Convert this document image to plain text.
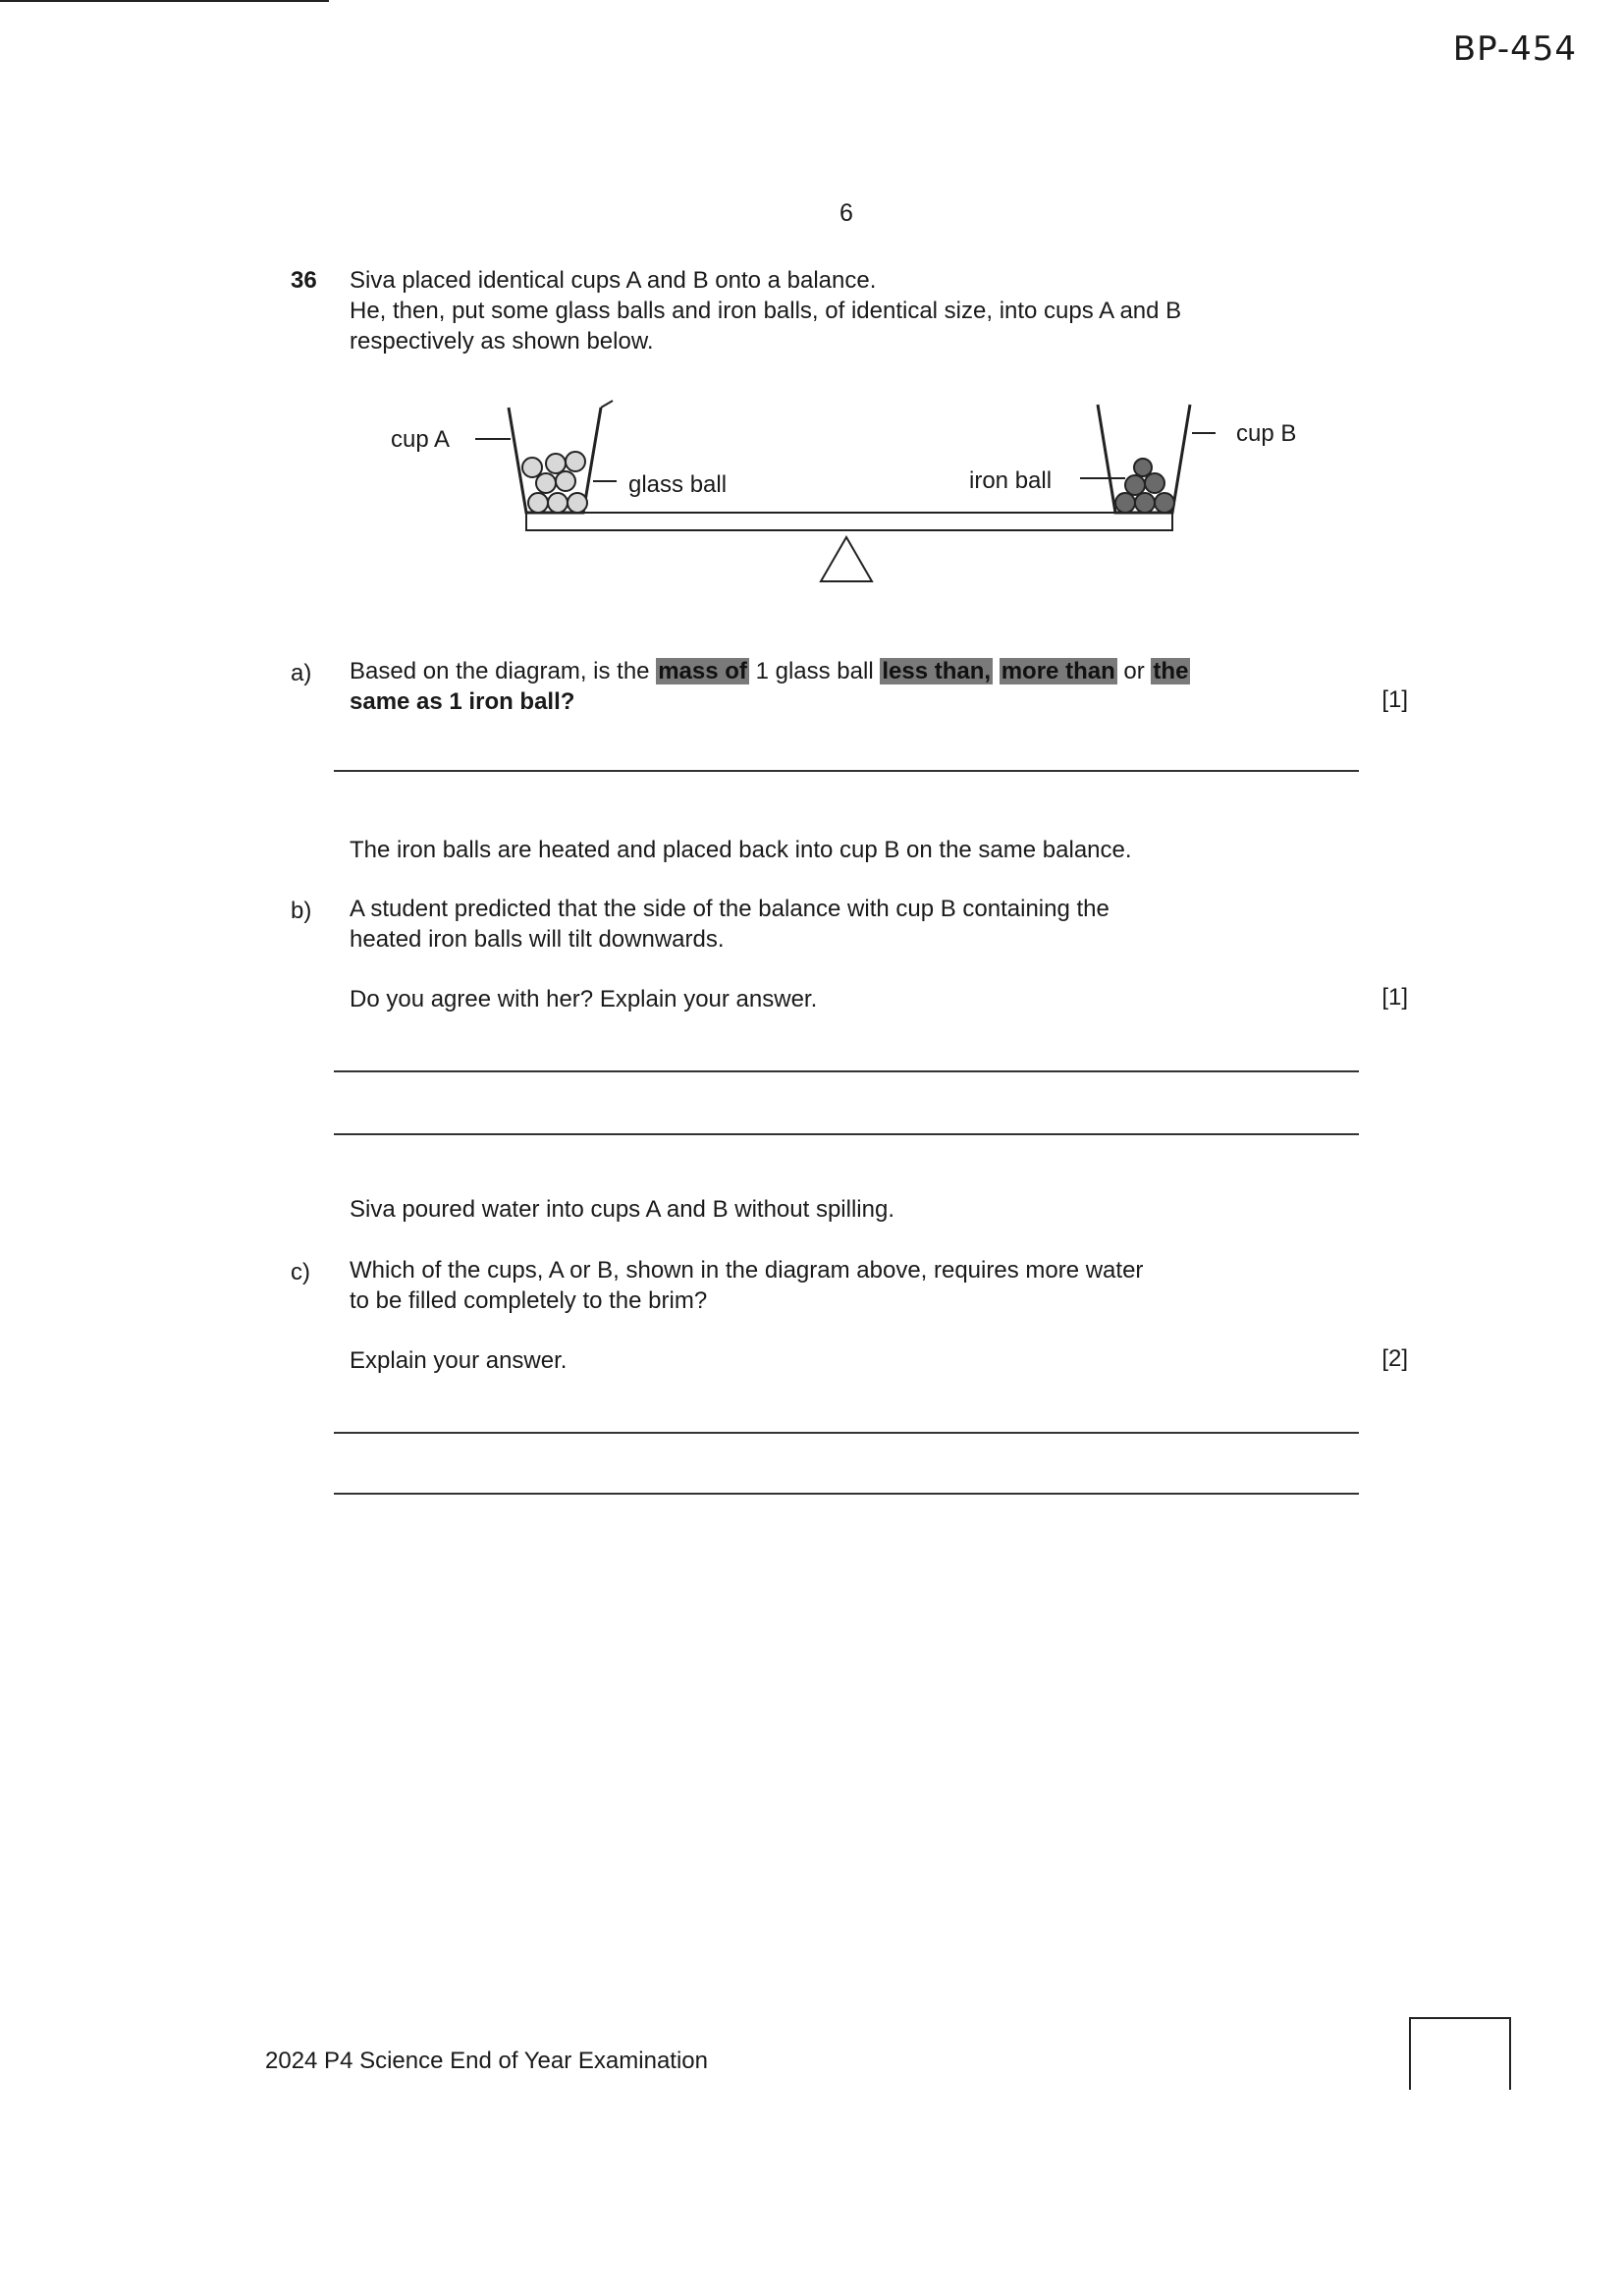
BP-454
6
36 Siva placed identical cups A and B onto a balance.
He, then, put some glass balls and iron balls, of identical size, into cups A and B
respectively as shown below.
cup A	cup B
glass ball	iron ball
a) Based on the diagram, is the mass of 1 glass ball less than, more than or the
same as 1 iron ball?	[1]
The iron balls are heated and placed back into cup B on the same balance.
b) A student predicted that the side of the balance with cup B containing the
heated iron balls will tilt downwards.
Do you agree with her? Explain your answer.	[1]
Siva poured water into cups A and B without spilling.
c) Which of the cups, A or B, shown in the diagram above, requires more water
to be filled completely to the brim?
Explain your answer.	[2]
2024 P4 Science End of Year Examination
